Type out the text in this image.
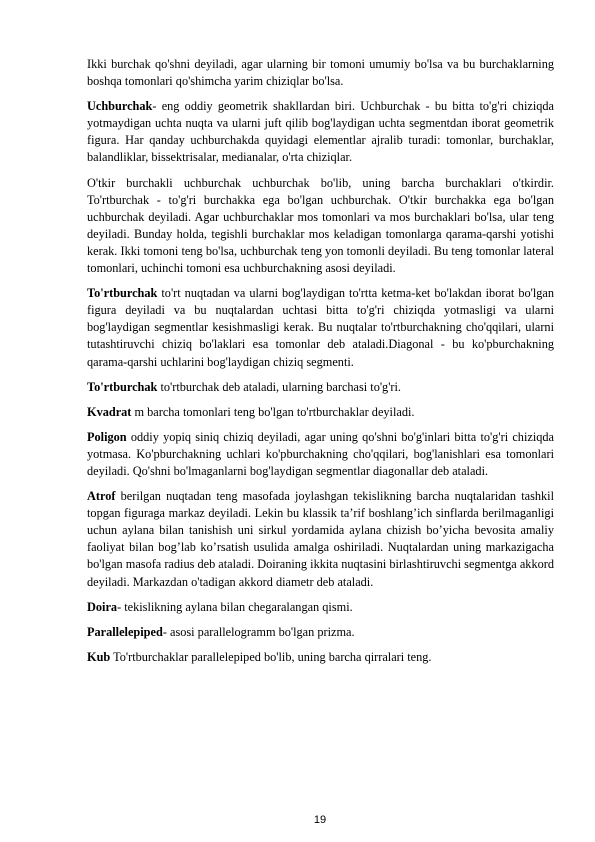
Ikki burchak qo'shni deyiladi, agar ularning bir tomoni umumiy bo'lsa va bu burchaklarning boshqa tomonlari qo'shimcha yarim chiziqlar bo'lsa.

Uchburchak- eng oddiy geometrik shakllardan biri. Uchburchak - bu bitta to'g'ri chiziqda yotmaydigan uchta nuqta va ularni juft qilib bog'laydigan uchta segmentdan iborat geometrik figura. Har qanday uchburchakda quyidagi elementlar ajralib turadi: tomonlar, burchaklar, balandliklar, bissektrisalar, medianalar, o'rta chiziqlar.

O'tkir burchakli uchburchak uchburchak bo'lib, uning barcha burchaklari o'tkirdir. To'rtburchak - to'g'ri burchakka ega bo'lgan uchburchak. O'tkir burchakka ega bo'lgan uchburchak deyiladi. Agar uchburchaklar mos tomonlari va mos burchaklari bo'lsa, ular teng deyiladi. Bunday holda, tegishli burchaklar mos keladigan tomonlarga qarama-qarshi yotishi kerak. Ikki tomoni teng bo'lsa, uchburchak teng yon tomonli deyiladi. Bu teng tomonlar lateral tomonlari, uchinchi tomoni esa uchburchakning asosi deyiladi.

To'rtburchak to'rt nuqtadan va ularni bog'laydigan to'rtta ketma-ket bo'lakdan iborat bo'lgan figura deyiladi va bu nuqtalardan uchtasi bitta to'g'ri chiziqda yotmasligi va ularni bog'laydigan segmentlar kesishmasligi kerak. Bu nuqtalar to'rtburchakning cho'qqilari, ularni tutashtiruvchi chiziq bo'laklari esa tomonlar deb ataladi.Diagonal - bu ko'pburchakning qarama-qarshi uchlarini bog'laydigan chiziq segmenti.

To'rtburchak to'rtburchak deb ataladi, ularning barchasi to'g'ri.

Kvadrat m barcha tomonlari teng bo'lgan to'rtburchaklar deyiladi.

Poligon oddiy yopiq siniq chiziq deyiladi, agar uning qo'shni bo'g'inlari bitta to'g'ri chiziqda yotmasa. Ko'pburchakning uchlari ko'pburchakning cho'qqilari, bog'lanishlari esa tomonlari deyiladi. Qo'shni bo'lmaganlarni bog'laydigan segmentlar diagonallar deb ataladi.

Atrof berilgan nuqtadan teng masofada joylashgan tekislikning barcha nuqtalaridan tashkil topgan figuraga markaz deyiladi. Lekin bu klassik ta’rif boshlang’ich sinflarda berilmaganligi uchun aylana bilan tanishish uni sirkul yordamida aylana chizish bo’yicha bevosita amaliy faoliyat bilan bog’lab ko’rsatish usulida amalga oshiriladi. Nuqtalardan uning markazigacha bo'lgan masofa radius deb ataladi. Doiraning ikkita nuqtasini birlashtiruvchi segmentga akkord deyiladi. Markazdan o'tadigan akkord diametr deb ataladi.

Doira- tekislikning aylana bilan chegaralangan qismi.

Parallelepiped- asosi parallelogramm bo'lgan prizma.

Kub To'rtburchaklar parallelepiped bo'lib, uning barcha qirralari teng.

19
